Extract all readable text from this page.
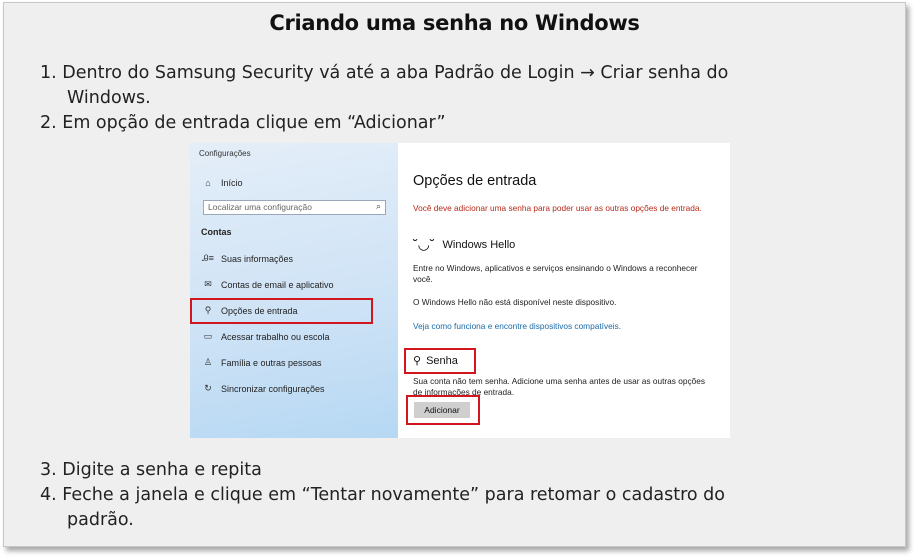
Criando uma senha no Windows
1. Dentro do Samsung Security vá até a aba Padrão de Login → Criar senha do
Windows.
2. Em opção de entrada clique em “Adicionar”
3. Digite a senha e repita
4. Feche a janela e clique em “Tentar novamente” para retomar o cadastro do
padrão.
Configurações
⌂	Início
Localizar uma configuração	⌕
Contas
Ꭿ≡ Suas informações
✉	Contas de email e aplicativo
⚲	Opções de entrada
▭ Acessar trabalho ou escola
♙ Família e outras pessoas
↻	Sincronizar configurações
Opções de entrada
Você deve adicionar uma senha para poder usar as outras opções de entrada.
˘◡˘ Windows Hello
Entre no Windows, aplicativos e serviços ensinando o Windows a reconhecer você.
O Windows Hello não está disponível neste dispositivo.
Veja como funciona e encontre dispositivos compatíveis.
⚲ Senha
Sua conta não tem senha. Adicione uma senha antes de usar as outras opções de informações de entrada.
Adicionar
